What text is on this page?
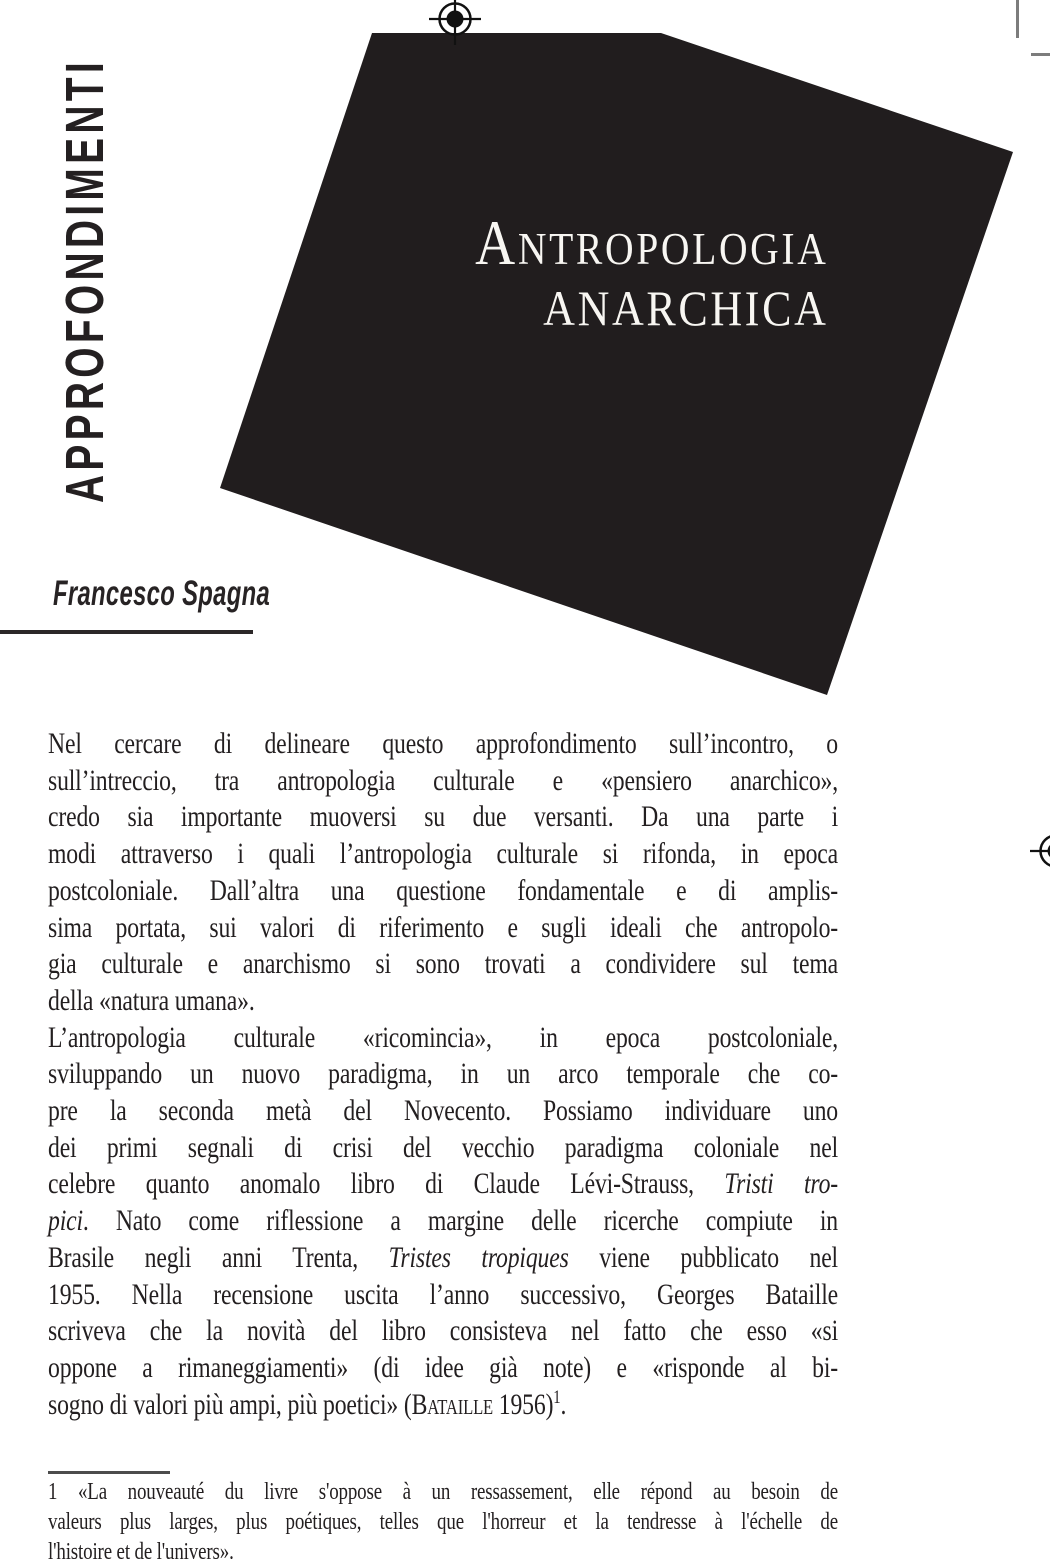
APPROFONDIMENTI	ANTROPOLOGIA
ANARCHICA
Francesco Spagna
Nel cercare di delineare questo approfondimento sull’incontro, o
sull’intreccio, tra antropologia culturale e «pensiero anarchico»,
credo sia importante muoversi su due versanti. Da una parte i
modi attraverso i quali l’antropologia culturale si rifonda, in epoca
postcoloniale. Dall’altra una questione fondamentale e di amplis-
sima portata, sui valori di riferimento e sugli ideali che antropolo-
gia culturale e anarchismo si sono trovati a condividere sul tema
della «natura umana».
L’antropologia culturale «ricomincia», in epoca postcoloniale,
sviluppando un nuovo paradigma, in un arco temporale che co-
pre la seconda metà del Novecento. Possiamo individuare uno
dei primi segnali di crisi del vecchio paradigma coloniale nel
celebre quanto anomalo libro di Claude Lévi-Strauss, Tristi tro-
pici. Nato come riflessione a margine delle ricerche compiute in
Brasile negli anni Trenta, Tristes tropiques viene pubblicato nel
1955. Nella recensione uscita l’anno successivo, Georges Bataille
scriveva che la novità del libro consisteva nel fatto che esso «si
oppone a rimaneggiamenti» (di idee già note) e «risponde al bi-
sogno di valori più ampi, più poetici» (Bataille 1956)$^1$.
1 «La nouveauté du livre s'oppose à un ressassement, elle répond au besoin de
valeurs plus larges, plus poétiques, telles que l'horreur et la tendresse à l'échelle de
l'histoire et de l'univers».
